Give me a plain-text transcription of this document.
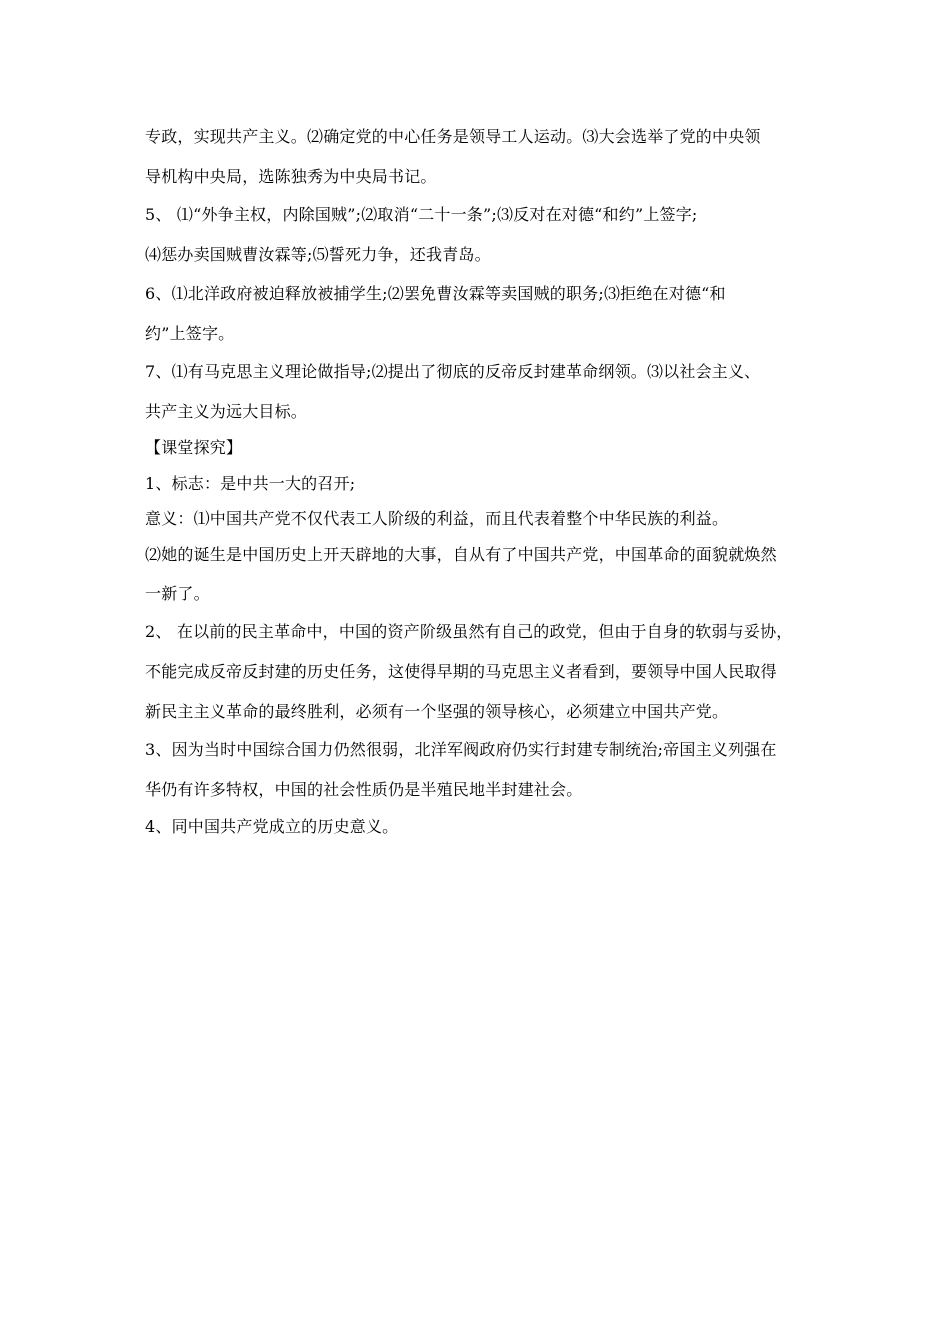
专政，实现共产主义。⑵确定党的中心任务是领导工人运动。⑶大会选举了党的中央领
导机构中央局，选陈独秀为中央局书记。
5、 ⑴“外争主权，内除国贼”;⑵取消“二十一条”;⑶反对在对德“和约”上签字;
⑷惩办卖国贼曹汝霖等;⑸誓死力争，还我青岛。
6、⑴北洋政府被迫释放被捕学生;⑵罢免曹汝霖等卖国贼的职务;⑶拒绝在对德“和
约”上签字。
7、⑴有马克思主义理论做指导;⑵提出了彻底的反帝反封建革命纲领。⑶以社会主义、
共产主义为远大目标。
【课堂探究】
1、标志：是中共一大的召开;
意义：⑴中国共产党不仅代表工人阶级的利益，而且代表着整个中华民族的利益。
⑵她的诞生是中国历史上开天辟地的大事，自从有了中国共产党，中国革命的面貌就焕然
一新了。
2、 在以前的民主革命中，中国的资产阶级虽然有自己的政党，但由于自身的软弱与妥协，
不能完成反帝反封建的历史任务，这使得早期的马克思主义者看到，要领导中国人民取得
新民主主义革命的最终胜利，必须有一个坚强的领导核心，必须建立中国共产党。
3、因为当时中国综合国力仍然很弱，北洋军阀政府仍实行封建专制统治;帝国主义列强在
华仍有许多特权，中国的社会性质仍是半殖民地半封建社会。
4、同中国共产党成立的历史意义。
